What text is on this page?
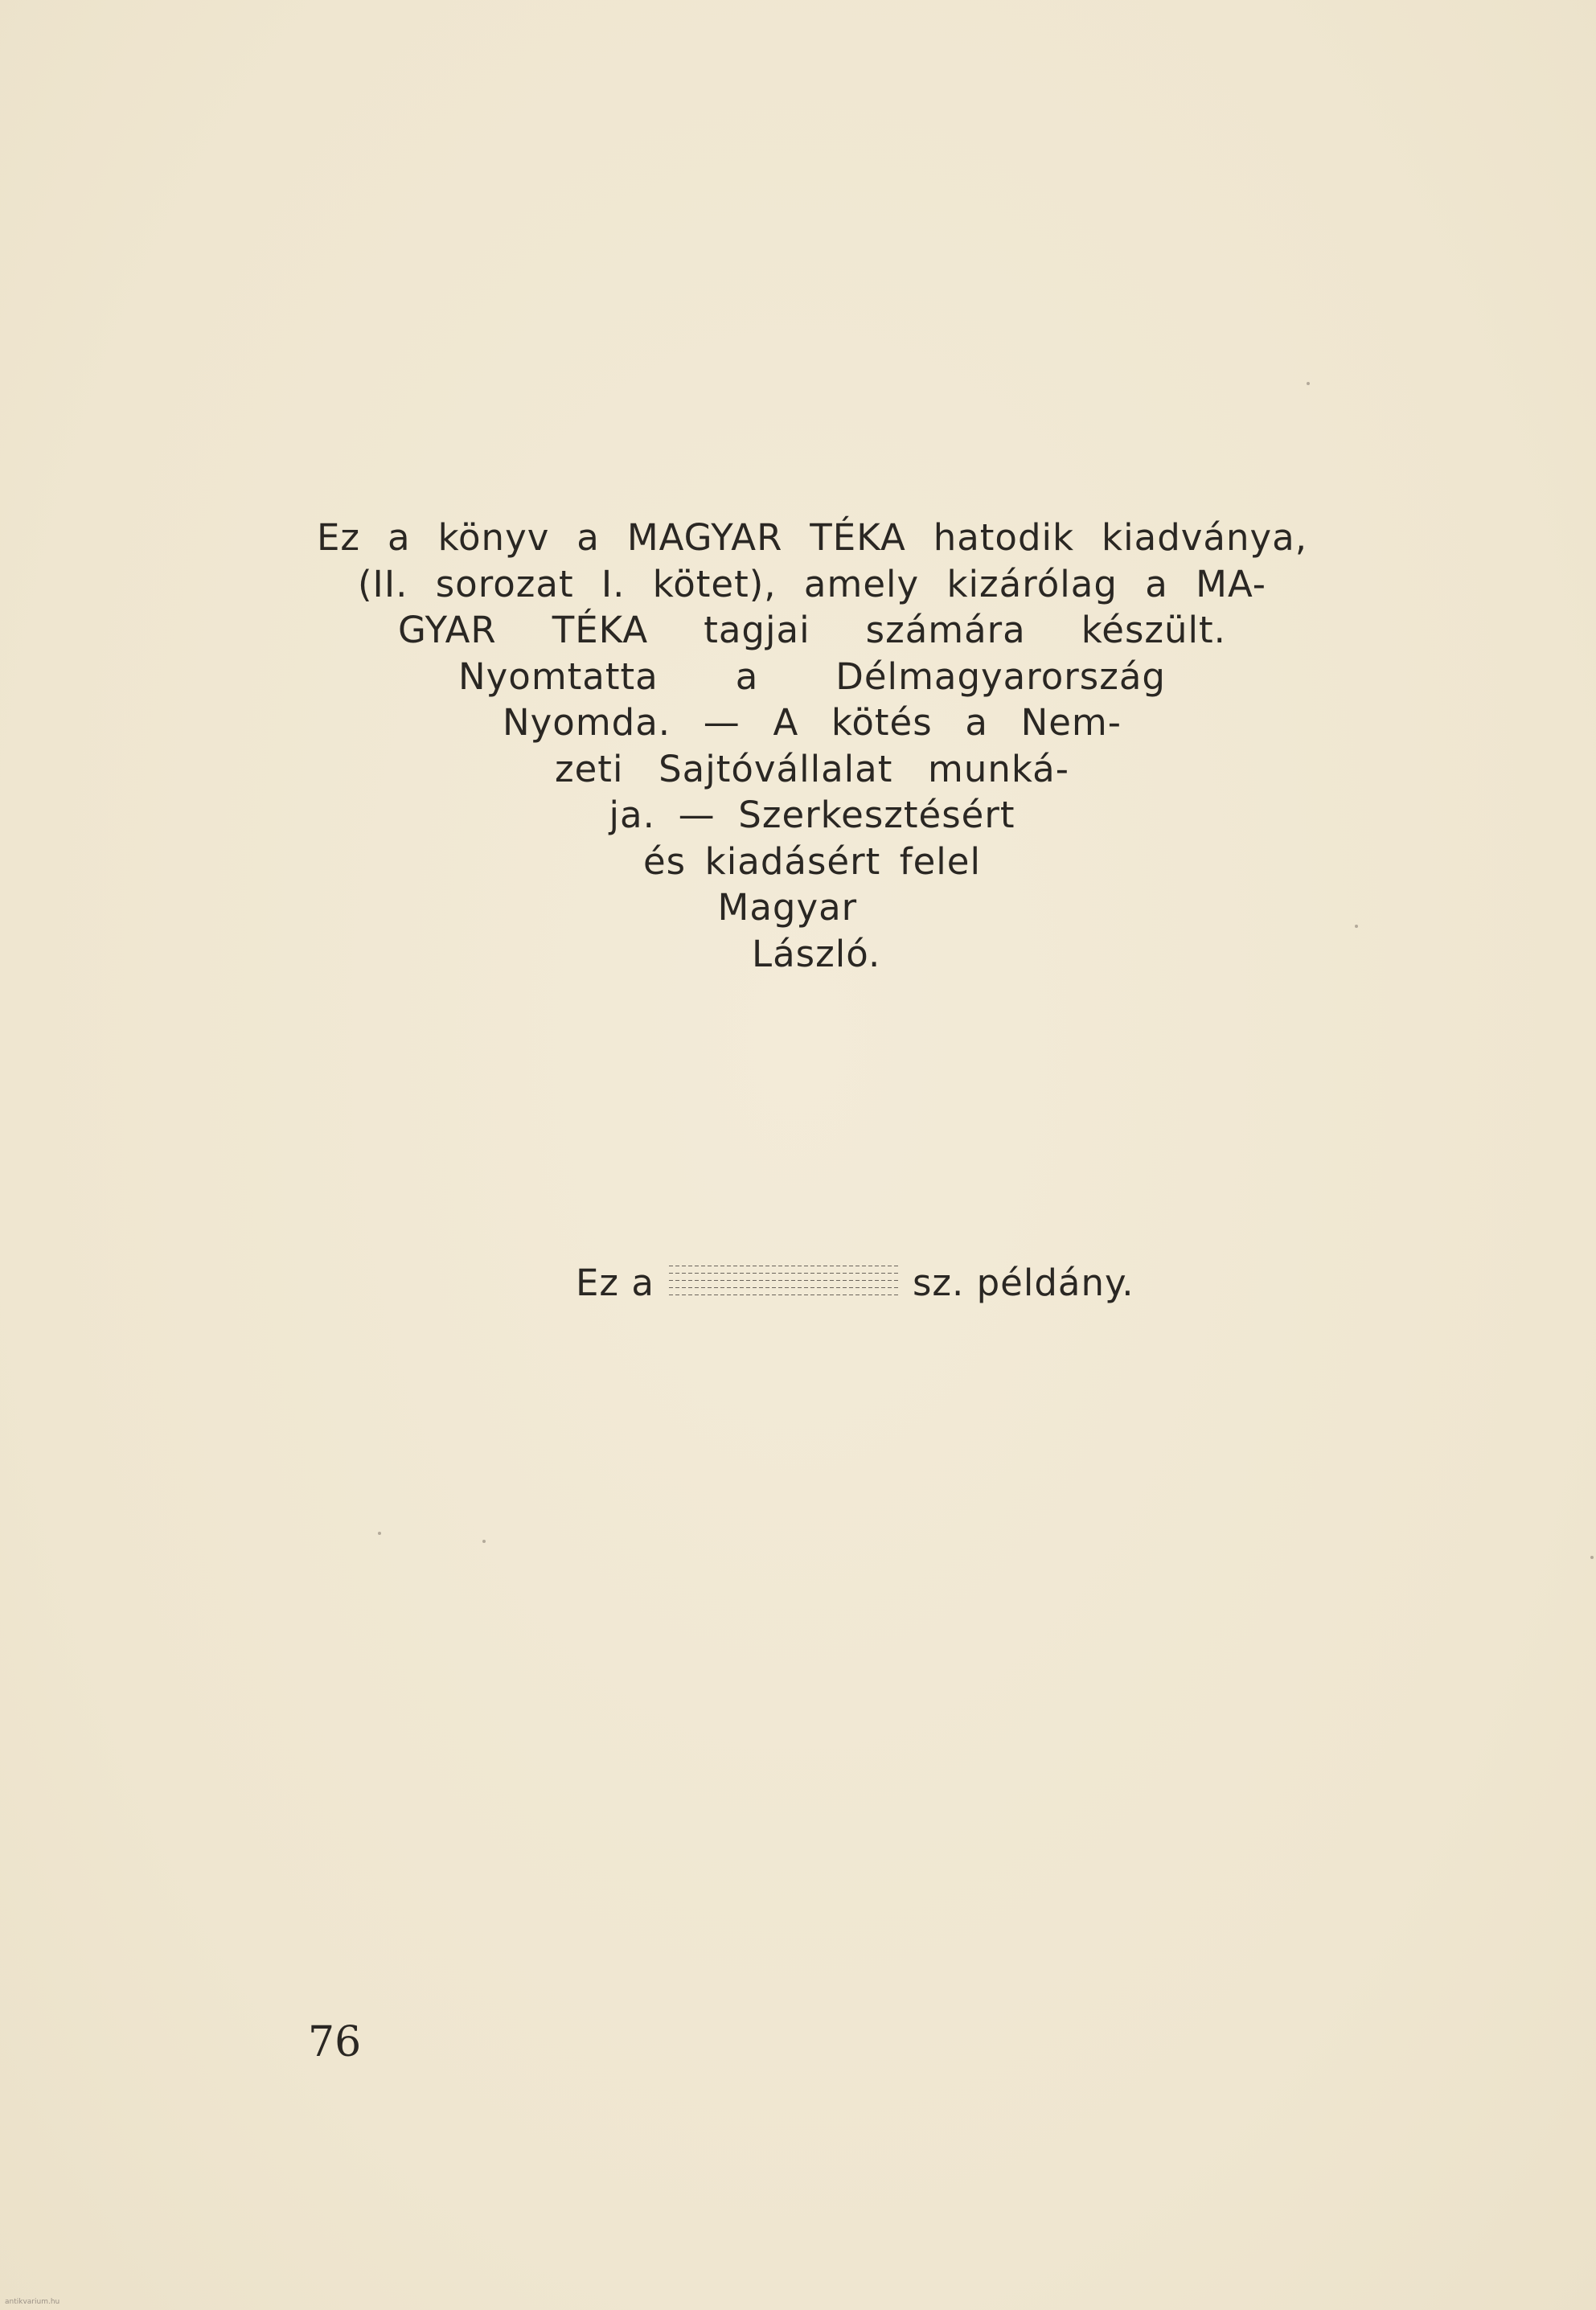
Ez a könyv a MAGYAR TÉKA hatodik kiadványa,
(II. sorozat I. kötet), amely kizárólag a MA-
GYAR TÉKA tagjai számára készült.
Nyomtatta a Délmagyarország
Nyomda. — A kötés a Nem-
zeti Sajtóvállalat munká-
ja. — Szerkesztésért
és kiadásért felel
Magyar
László.
Ez a	sz. példány.
76
antikvarium.hu
